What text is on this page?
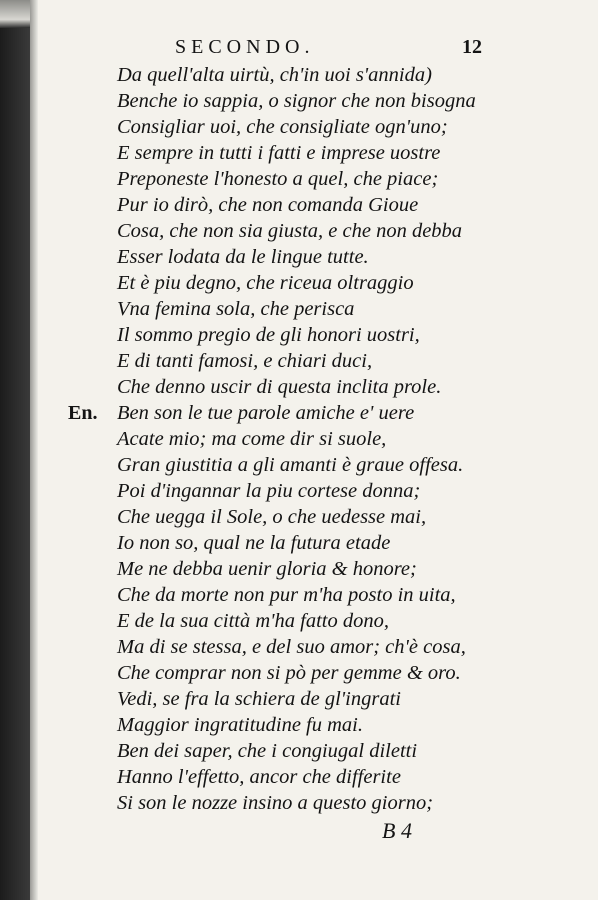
SECONDO.	12
Da quell'alta uirtù, ch'in uoi s'annida)
Benche io sappia, o signor che non bisogna
Consigliar uoi, che consigliate ogn'uno;
E sempre in tutti i fatti e imprese uostre
Preponeste l'honesto a quel, che piace;
Pur io dirò, che non comanda Gioue
Cosa, che non sia giusta, e che non debba
Esser lodata da le lingue tutte.
Et è piu degno, che riceua oltraggio
Vna femina sola, che perisca
Il sommo pregio de gli honori uostri,
E di tanti famosi, e chiari duci,
Che denno uscir di questa inclita prole.
En. Ben son le tue parole amiche e' uere
Acate mio; ma come dir si suole,
Gran giustitia a gli amanti è graue offesa.
Poi d'ingannar la piu cortese donna;
Che uegga il Sole, o che uedesse mai,
Io non so, qual ne la futura etade
Me ne debba uenir gloria & honore;
Che da morte non pur m'ha posto in uita,
E de la sua città m'ha fatto dono,
Ma di se stessa, e del suo amor; ch'è cosa,
Che comprar non si pò per gemme & oro.
Vedi, se fra la schiera de gl'ingrati
Maggior ingratitudine fu mai.
Ben dei saper, che i congiugal diletti
Hanno l'effetto, ancor che differite
Si son le nozze insino a questo giorno;
B 4
